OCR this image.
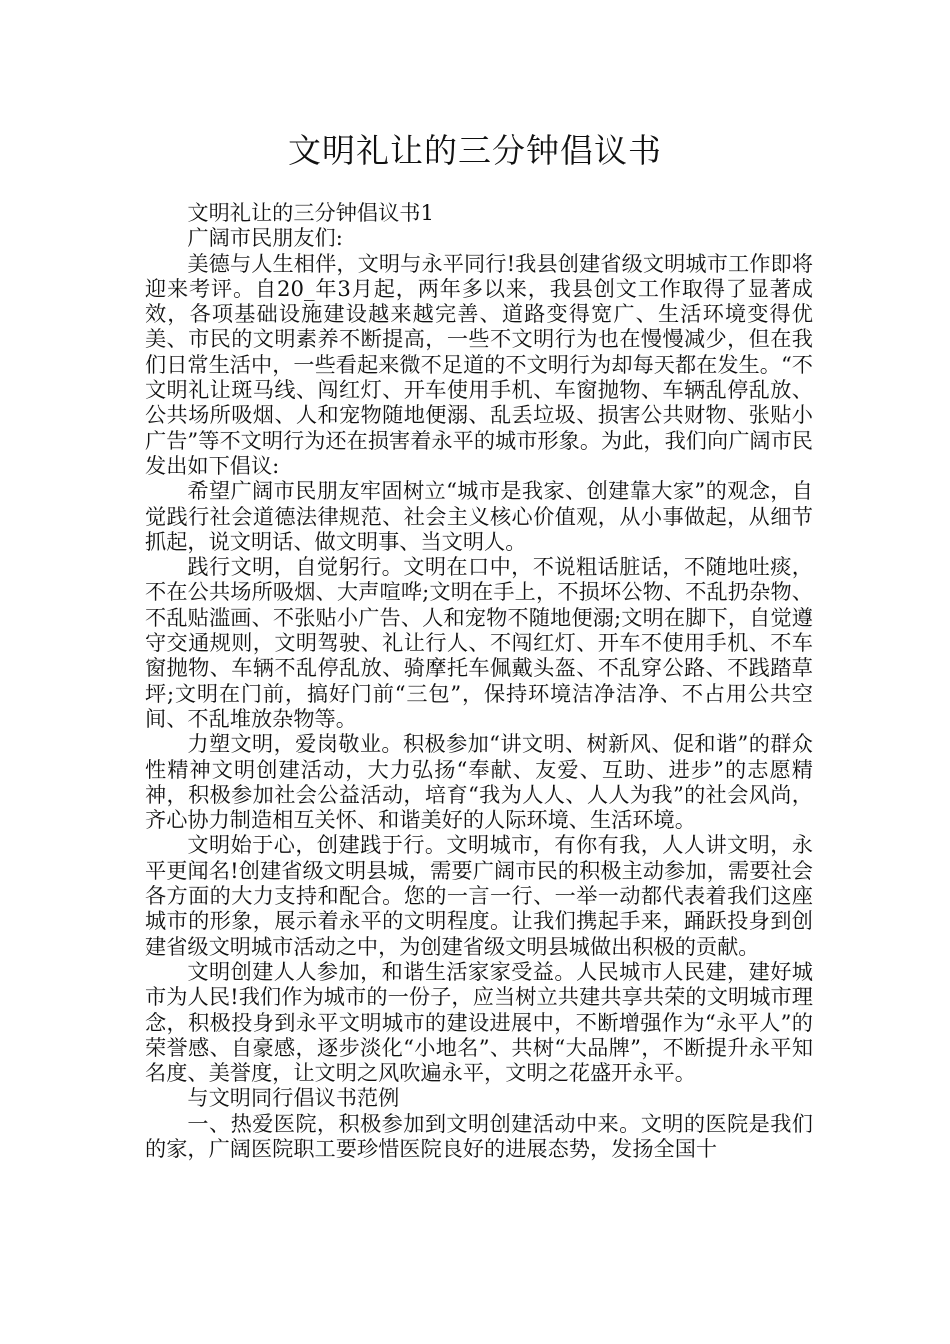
文明礼让的三分钟倡议书

文明礼让的三分钟倡议书1

广阔市民朋友们:

美德与人生相伴，文明与永平同行!我县创建省级文明城市工作即将迎来考评。自20_年3月起，两年多以来，我县创文工作取得了显著成效，各项基础设施建设越来越完善、道路变得宽广、生活环境变得优美、市民的文明素养不断提高，一些不文明行为也在慢慢减少，但在我们日常生活中，一些看起来微不足道的不文明行为却每天都在发生。“不文明礼让斑马线、闯红灯、开车使用手机、车窗抛物、车辆乱停乱放、公共场所吸烟、人和宠物随地便溺、乱丢垃圾、损害公共财物、张贴小广告”等不文明行为还在损害着永平的城市形象。为此，我们向广阔市民发出如下倡议:

希望广阔市民朋友牢固树立“城市是我家、创建靠大家”的观念，自觉践行社会道德法律规范、社会主义核心价值观，从小事做起，从细节抓起，说文明话、做文明事、当文明人。

践行文明，自觉躬行。文明在口中，不说粗话脏话，不随地吐痰，不在公共场所吸烟、大声喧哗;文明在手上，不损坏公物、不乱扔杂物、不乱贴滥画、不张贴小广告、人和宠物不随地便溺;文明在脚下，自觉遵守交通规则，文明驾驶、礼让行人、不闯红灯、开车不使用手机、不车窗抛物、车辆不乱停乱放、骑摩托车佩戴头盔、不乱穿公路、不践踏草坪;文明在门前，搞好门前“三包”，保持环境洁净洁净、不占用公共空间、不乱堆放杂物等。

力塑文明，爱岗敬业。积极参加“讲文明、树新风、促和谐”的群众性精神文明创建活动，大力弘扬“奉献、友爱、互助、进步”的志愿精神，积极参加社会公益活动，培育“我为人人、人人为我”的社会风尚，齐心协力制造相互关怀、和谐美好的人际环境、生活环境。

文明始于心，创建践于行。文明城市，有你有我，人人讲文明，永平更闻名!创建省级文明县城，需要广阔市民的积极主动参加，需要社会各方面的大力支持和配合。您的一言一行、一举一动都代表着我们这座城市的形象，展示着永平的文明程度。让我们携起手来，踊跃投身到创建省级文明城市活动之中，为创建省级文明县城做出积极的贡献。

文明创建人人参加，和谐生活家家受益。人民城市人民建，建好城市为人民!我们作为城市的一份子，应当树立共建共享共荣的文明城市理念，积极投身到永平文明城市的建设进展中，不断增强作为“永平人”的荣誉感、自豪感，逐步淡化“小地名”、共树“大品牌”，不断提升永平知名度、美誉度，让文明之风吹遍永平，文明之花盛开永平。

与文明同行倡议书范例

一、热爱医院，积极参加到文明创建活动中来。文明的医院是我们的家，广阔医院职工要珍惜医院良好的进展态势，发扬全国十
